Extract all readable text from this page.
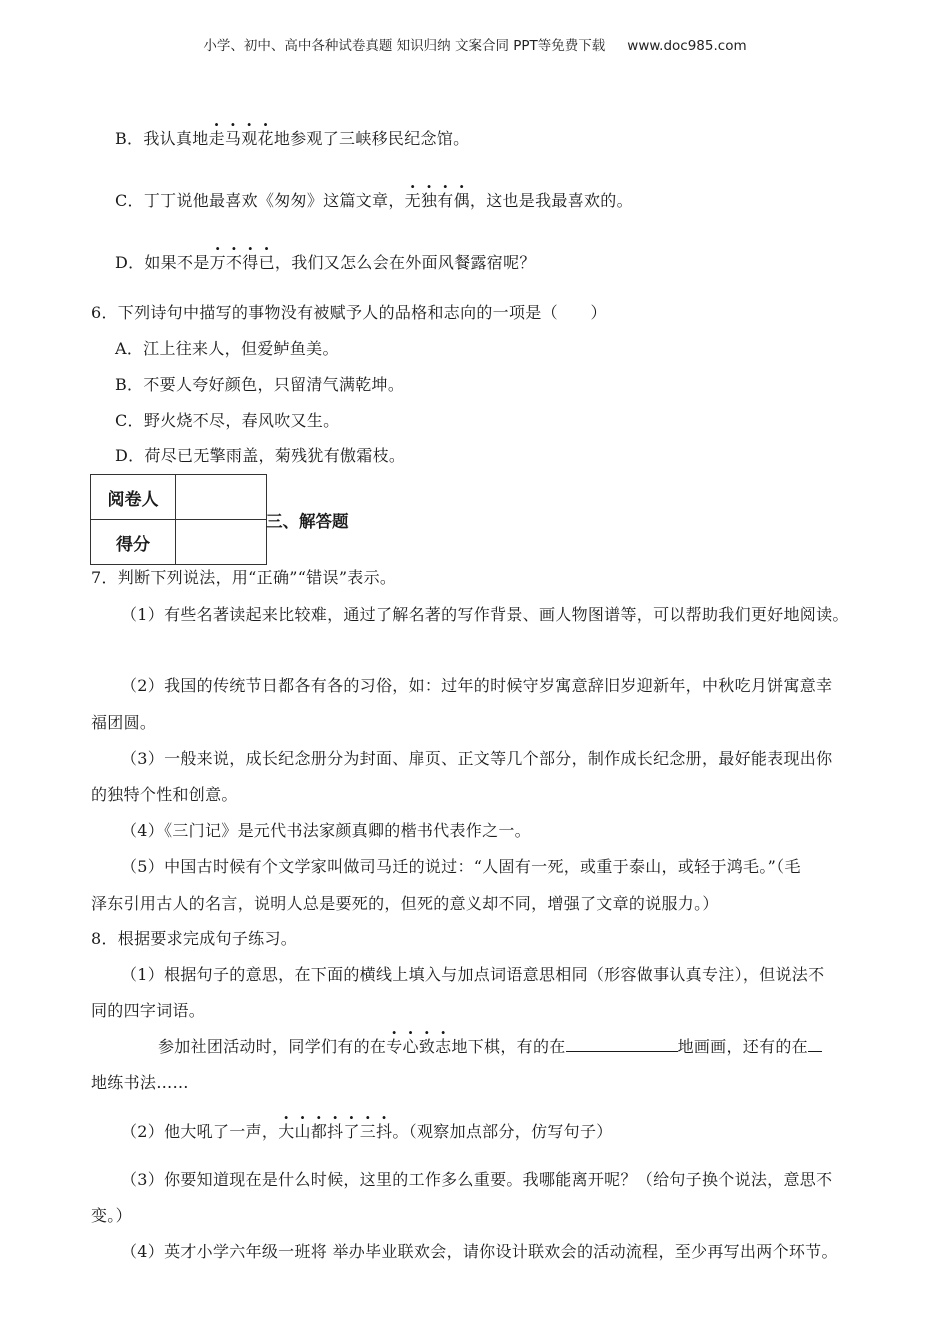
小学、初中、高中各种试卷真题 知识归纳 文案合同 PPT等免费下载 www.doc985.com
B．我认真地走马观花地参观了三峡移民纪念馆。
C．丁丁说他最喜欢《匆匆》这篇文章，无独有偶，这也是我最喜欢的。
D．如果不是万不得已，我们又怎么会在外面风餐露宿呢？
6．下列诗句中描写的事物没有被赋予人的品格和志向的一项是（　　）
A．江上往来人，但爱鲈鱼美。
B．不要人夸好颜色，只留清气满乾坤。
C．野火烧不尽，春风吹又生。
D．荷尽已无擎雨盖，菊残犹有傲霜枝。
阅卷人	
得分	
三、解答题
7．判断下列说法，用“正确”“错误”表示。
（1）有些名著读起来比较难，通过了解名著的写作背景、画人物图谱等，可以帮助我们更好地阅读。
（2）我国的传统节日都各有各的习俗，如：过年的时候守岁寓意辞旧岁迎新年，中秋吃月饼寓意幸
福团圆。
（3）一般来说，成长纪念册分为封面、扉页、正文等几个部分，制作成长纪念册，最好能表现出你
的独特个性和创意。
（4）《三门记》是元代书法家颜真卿的楷书代表作之一。
（5）中国古时候有个文学家叫做司马迁的说过：“人固有一死，或重于泰山，或轻于鸿毛。”（毛
泽东引用古人的名言，说明人总是要死的，但死的意义却不同，增强了文章的说服力。）
8．根据要求完成句子练习。
（1）根据句子的意思，在下面的横线上填入与加点词语意思相同（形容做事认真专注），但说法不
同的四字词语。
参加社团活动时，同学们有的在专心致志地下棋，有的在	地画画，还有的在
地练书法……
（2）他大吼了一声，大山都抖了三抖。（观察加点部分，仿写句子）
（3）你要知道现在是什么时候，这里的工作多么重要。我哪能离开呢？（给句子换个说法，意思不
变。）
（4）英才小学六年级一班将 举办毕业联欢会，请你设计联欢会的活动流程，至少再写出两个环节。
